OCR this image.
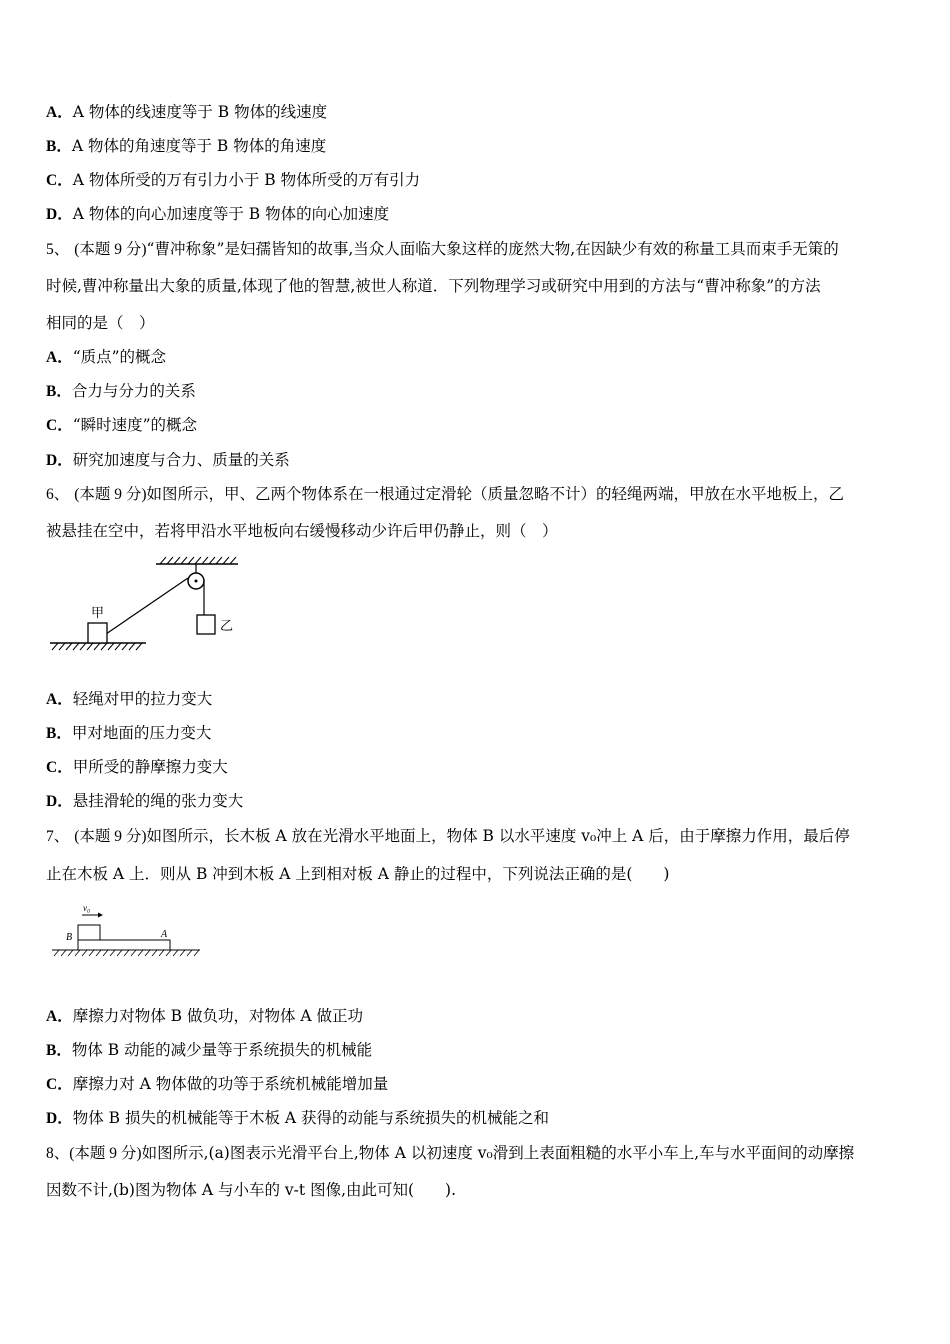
A．A 物体的线速度等于 B 物体的线速度
B．A 物体的角速度等于 B 物体的角速度
C．A 物体所受的万有引力小于 B 物体所受的万有引力
D．A 物体的向心加速度等于 B 物体的向心加速度
5、 (本题 9 分)“曹冲称象”是妇孺皆知的故事,当众人面临大象这样的庞然大物,在因缺少有效的称量工具而束手无策的
时候,曹冲称量出大象的质量,体现了他的智慧,被世人称道．下列物理学习或研究中用到的方法与“曹冲称象”的方法
相同的是（　）
A．“质点”的概念
B．合力与分力的关系
C．“瞬时速度”的概念
D．研究加速度与合力、质量的关系
6、 (本题 9 分)如图所示，甲、乙两个物体系在一根通过定滑轮（质量忽略不计）的轻绳两端，甲放在水平地板上，乙
被悬挂在空中，若将甲沿水平地板向右缓慢移动少许后甲仍静止，则（　）
乙
甲
A．轻绳对甲的拉力变大
B．甲对地面的压力变大
C．甲所受的静摩擦力变大
D．悬挂滑轮的绳的张力变大
7、 (本题 9 分)如图所示，长木板 A 放在光滑水平地面上，物体 B 以水平速度 v₀冲上 A 后，由于摩擦力作用，最后停
止在木板 A 上．则从 B 冲到木板 A 上到相对板 A 静止的过程中，下列说法正确的是(　　)
v₀
B	A
A．摩擦力对物体 B 做负功，对物体 A 做正功
B．物体 B 动能的减少量等于系统损失的机械能
C．摩擦力对 A 物体做的功等于系统机械能增加量
D．物体 B 损失的机械能等于木板 A 获得的动能与系统损失的机械能之和
8、(本题 9 分)如图所示,(a)图表示光滑平台上,物体 A 以初速度 v₀滑到上表面粗糙的水平小车上,车与水平面间的动摩擦
因数不计,(b)图为物体 A 与小车的 v-t 图像,由此可知(　　).
